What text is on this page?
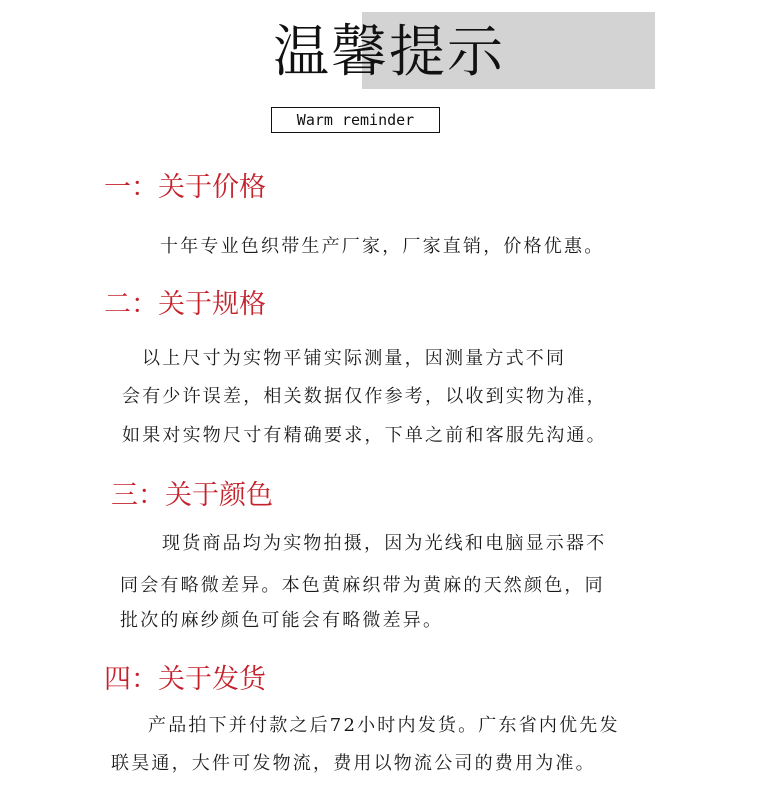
温馨提示
Warm reminder
一：关于价格
十年专业色织带生产厂家，厂家直销，价格优惠。
二：关于规格
以上尺寸为实物平铺实际测量，因测量方式不同
会有少许误差，相关数据仅作参考，以收到实物为准，
如果对实物尺寸有精确要求，下单之前和客服先沟通。
三：关于颜色
现货商品均为实物拍摄，因为光线和电脑显示器不
同会有略微差异。本色黄麻织带为黄麻的天然颜色，同
批次的麻纱颜色可能会有略微差异。
四：关于发货
产品拍下并付款之后72小时内发货。广东省内优先发
联昊通，大件可发物流，费用以物流公司的费用为准。
